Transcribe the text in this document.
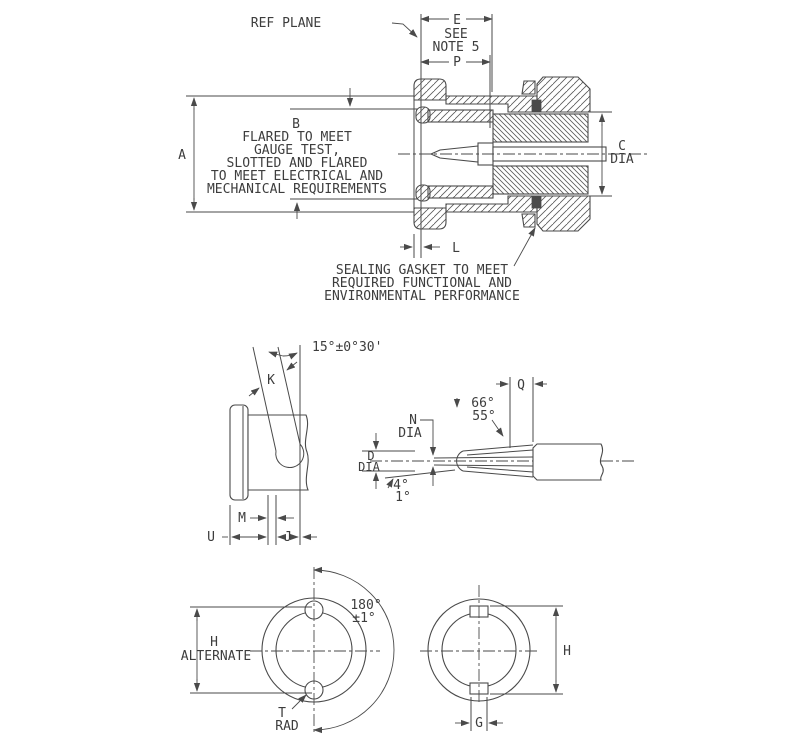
E
SEE
NOTE 5
P
REF PLANE
A
B
FLARED TO MEET
GAUGE TEST,
SLOTTED AND FLARED
TO MEET ELECTRICAL AND
MECHANICAL REQUIREMENTS
C
DIA
L
SEALING GASKET TO MEET
REQUIRED FUNCTIONAL AND
ENVIRONMENTAL PERFORMANCE
15°±0°30'
K
M
U	J
Q
66°
55°
N
DIA
D
DIA
4°
1°
H
ALTERNATE
180°
±1°
T
RAD	G
H
